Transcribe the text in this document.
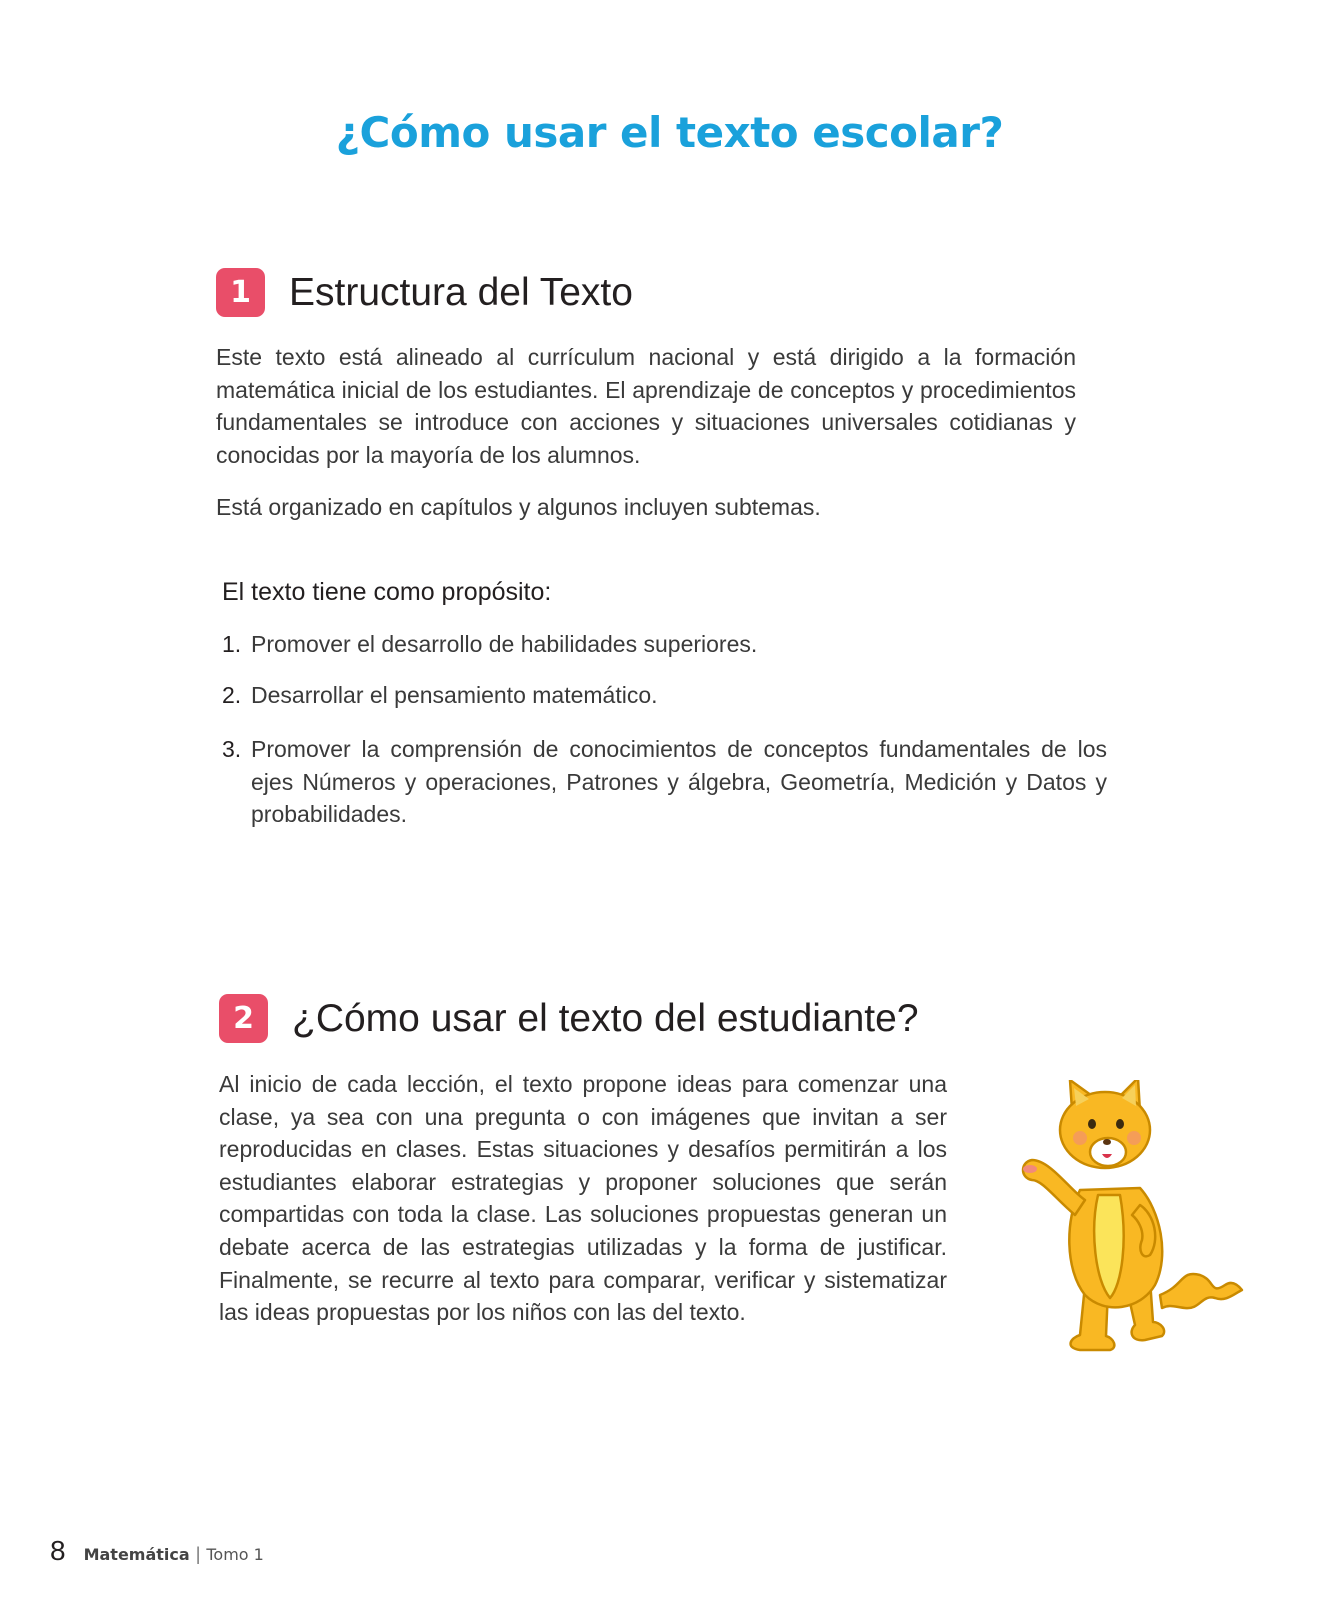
¿Cómo usar el texto escolar?
1 Estructura del Texto

Este texto está alineado al currículum nacional y está dirigido a la formación matemática inicial de los estudiantes. El aprendizaje de conceptos y procedimientos fundamentales se introduce con acciones y situaciones universales cotidianas y conocidas por la mayoría de los alumnos.

Está organizado en capítulos y algunos incluyen subtemas.

El texto tiene como propósito:
1. Promover el desarrollo de habilidades superiores.
2. Desarrollar el pensamiento matemático.
3. Promover la comprensión de conocimientos de conceptos fundamentales de los ejes Números y operaciones, Patrones y álgebra, Geometría, Medición y Datos y probabilidades.
2 ¿Cómo usar el texto del estudiante?

Al inicio de cada lección, el texto propone ideas para comenzar una clase, ya sea con una pregunta o con imágenes que invitan a ser reproducidas en clases. Estas situaciones y desafíos permitirán a los estudiantes elaborar estrategias y proponer soluciones que serán compartidas con toda la clase. Las soluciones propuestas generan un debate acerca de las estrategias utilizadas y la forma de justificar. Finalmente, se recurre al texto para comparar, verificar y sistematizar las ideas propuestas por los niños con las del texto.

8 Matemática | Tomo 1
